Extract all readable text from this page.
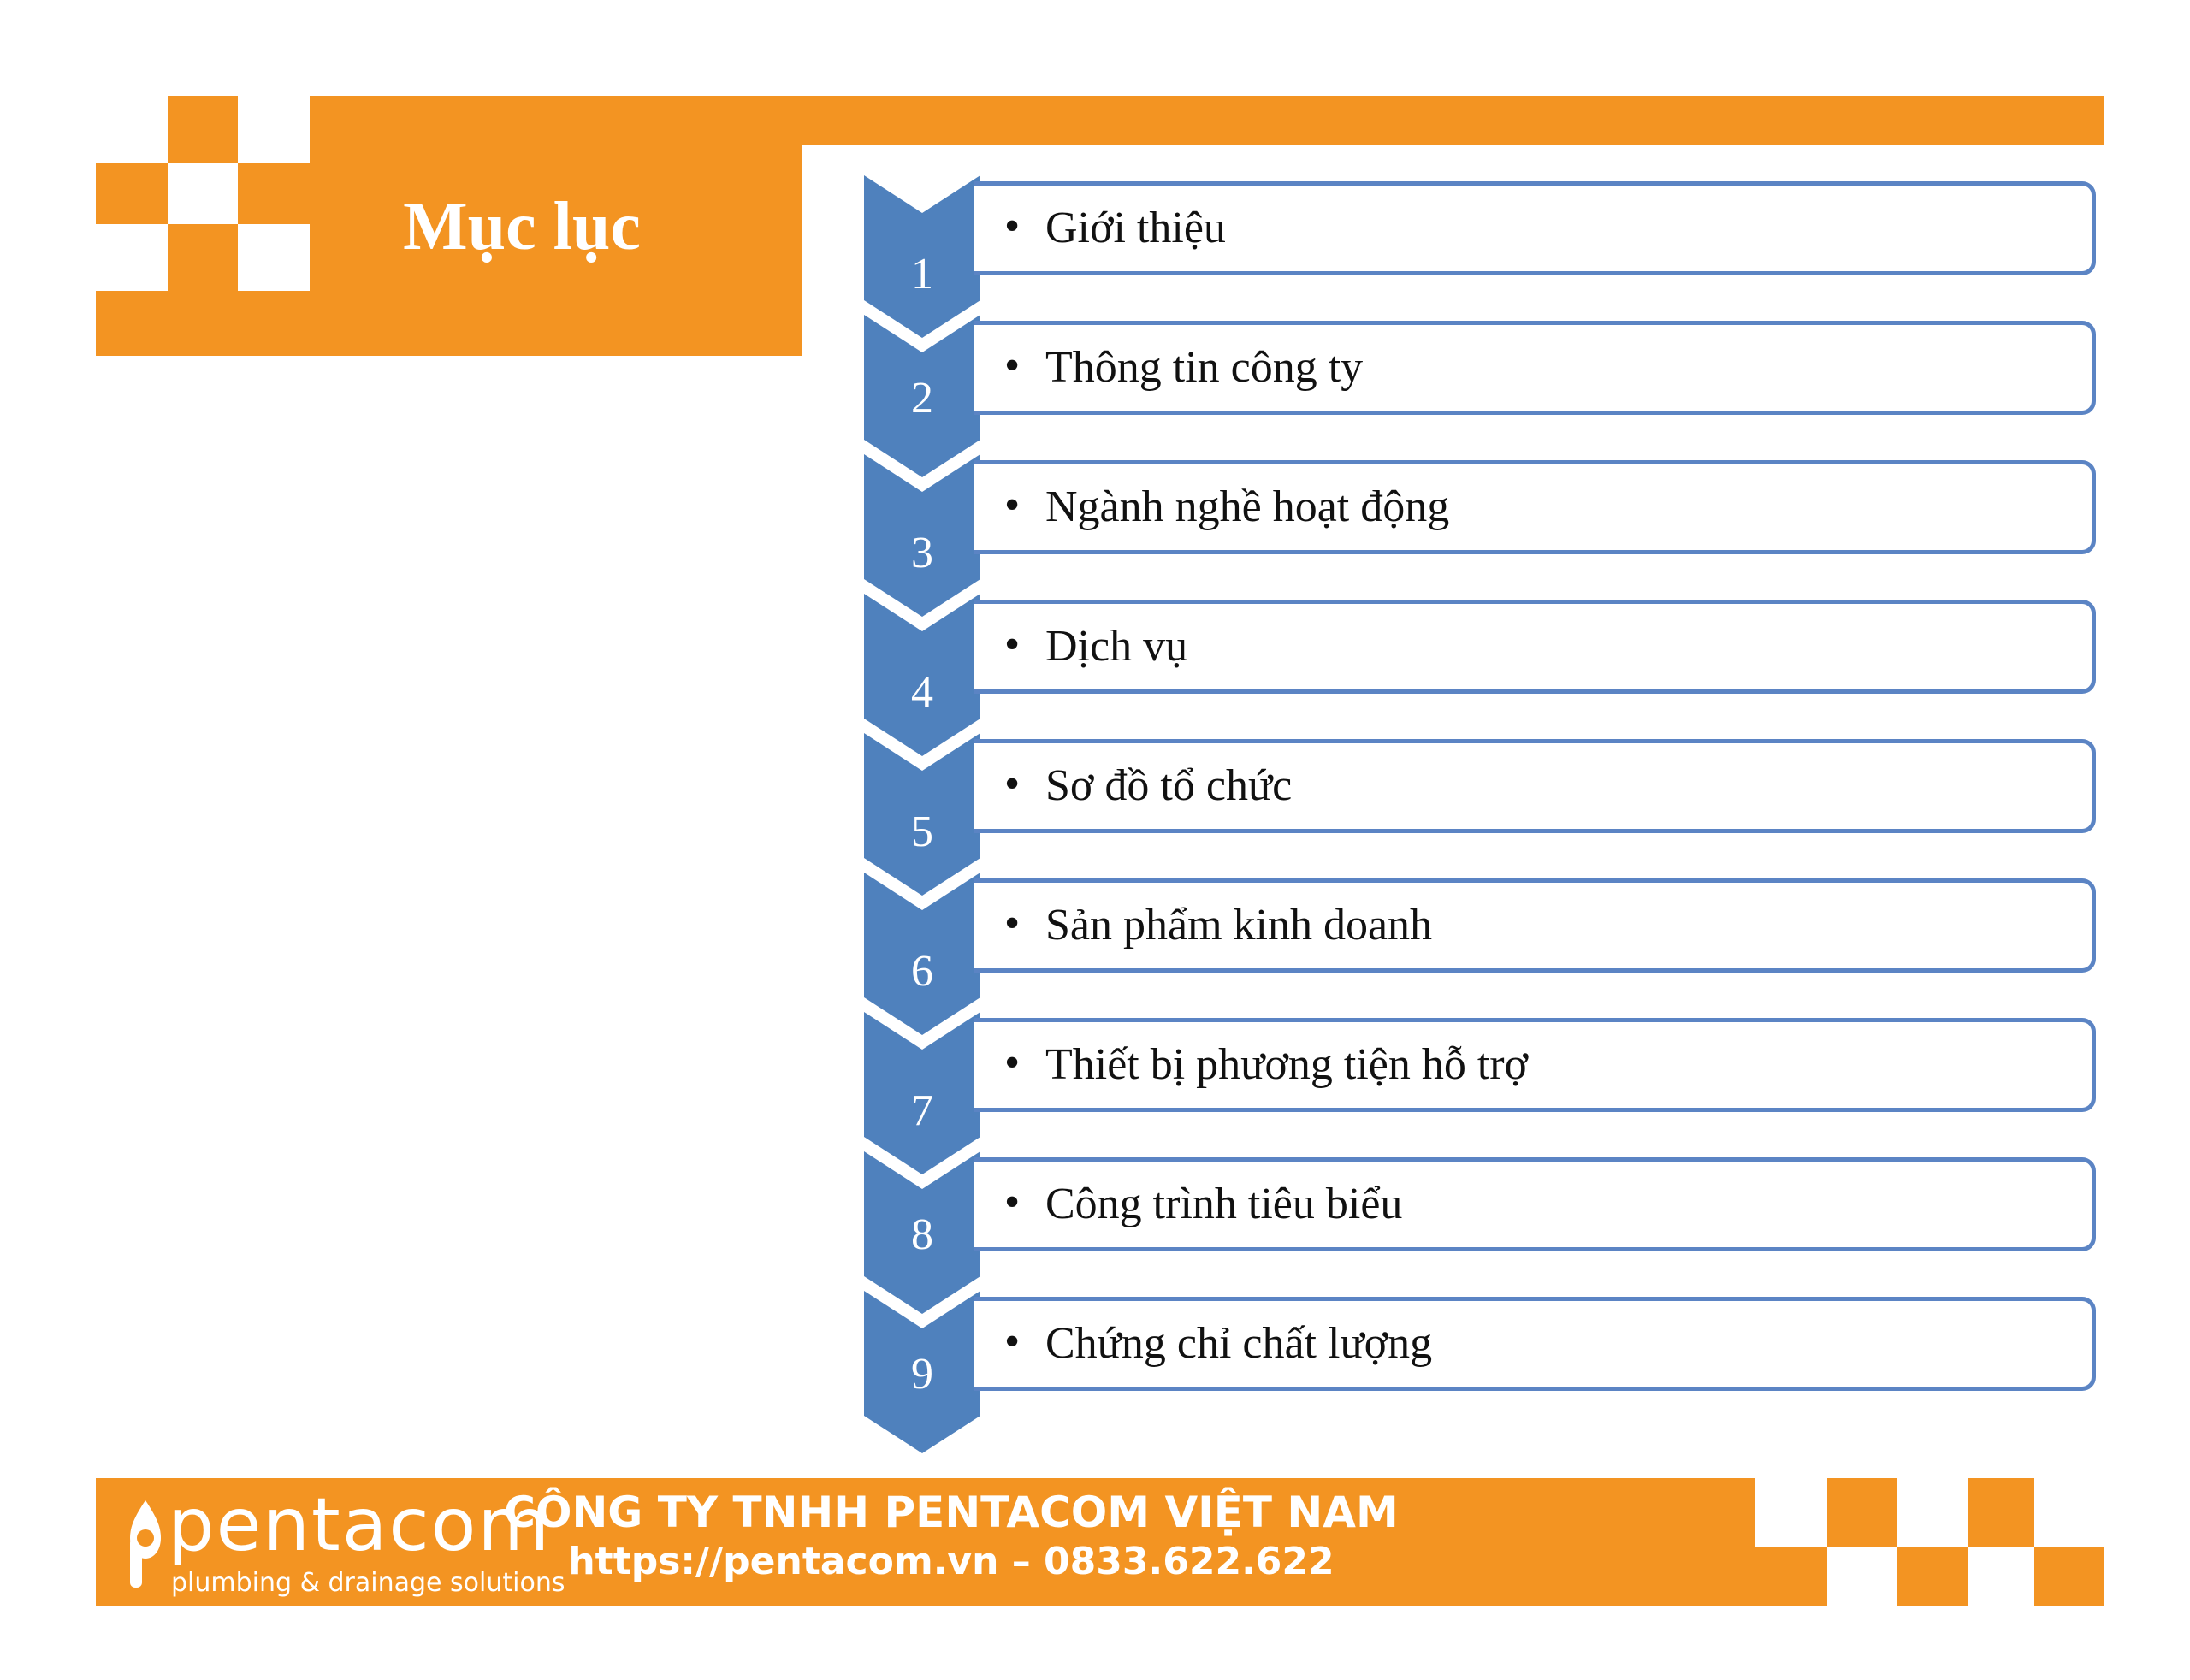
Mục lục
1
• Giới thiệu
2
• Thông tin công ty
3
• Ngành nghề hoạt động
4
• Dịch vụ
5
• Sơ đồ tổ chức
6
• Sản phẩm kinh doanh
7
• Thiết bị phương tiện hỗ trợ
8
• Công trình tiêu biểu
9
• Chứng chỉ chất lượng
pentacom
plumbing & drainage solutions
CÔNG TY TNHH PENTACOM VIỆT NAM
https://pentacom.vn – 0833.622.622
